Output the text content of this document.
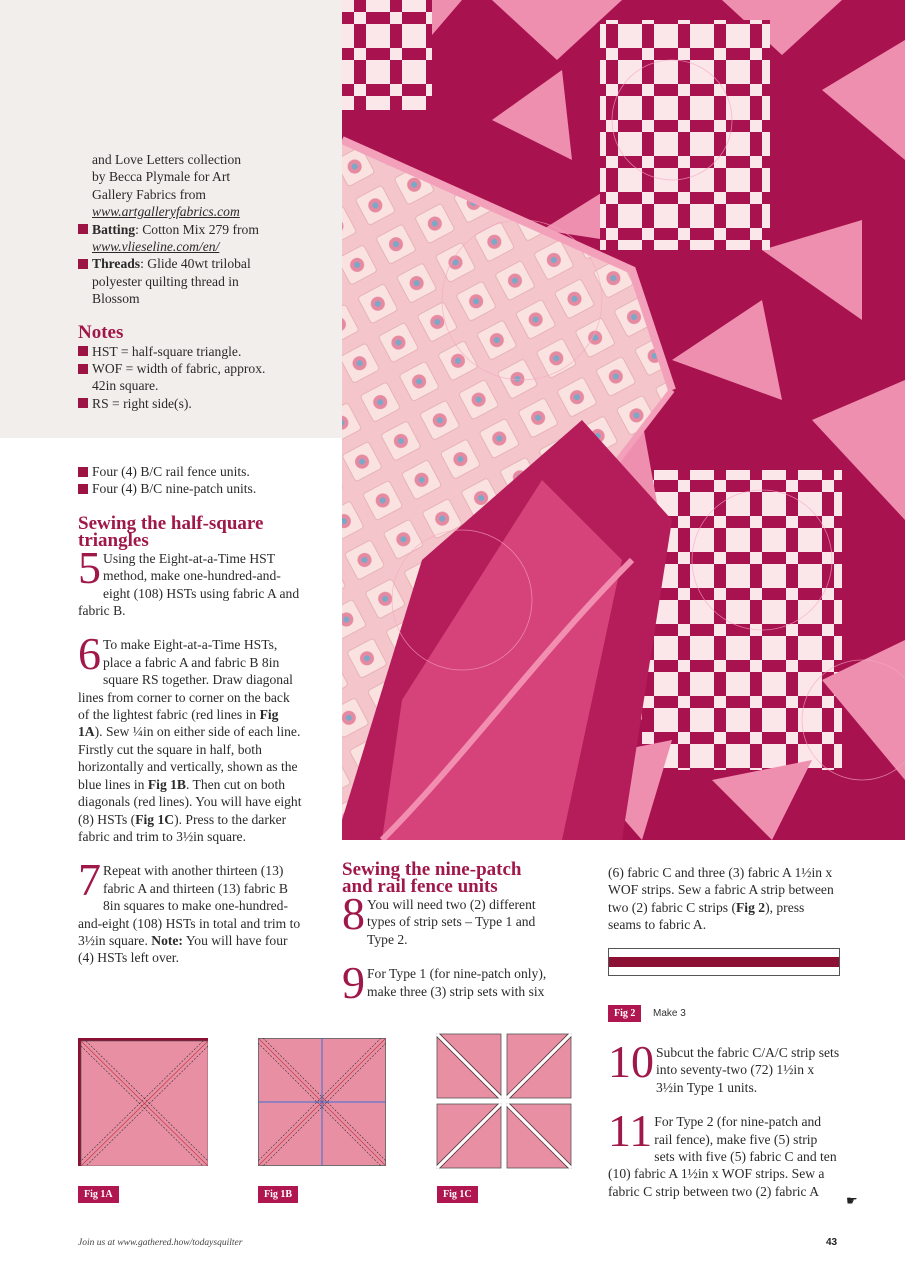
and Love Letters collection
by Becca Plymale for Art
Gallery Fabrics from
www.artgalleryfabrics.com
Batting: Cotton Mix 279 from
www.vlieseline.com/en/
Threads: Glide 40wt trilobal
polyester quilting thread in
Blossom
Notes
HST = half-square triangle.
WOF = width of fabric, approx.
42in square.
RS = right side(s).
Four (4) B/C rail fence units.
Four (4) B/C nine-patch units.
Sewing the half-square
triangles
5 Using the Eight-at-a-Time HST method, make one-hundred-and-eight (108) HSTs using fabric A and fabric B.
6 To make Eight-at-a-Time HSTs, place a fabric A and fabric B 8in square RS together. Draw diagonal lines from corner to corner on the back of the lightest fabric (red lines in Fig 1A). Sew ¼in on either side of each line. Firstly cut the square in half, both horizontally and vertically, shown as the blue lines in Fig 1B. Then cut on both diagonals (red lines). You will have eight (8) HSTs (Fig 1C). Press to the darker fabric and trim to 3½in square.
7 Repeat with another thirteen (13) fabric A and thirteen (13) fabric B 8in squares to make one-hundred-and-eight (108) HSTs in total and trim to 3½in square. Note: You will have four (4) HSTs left over.
Sewing the nine-patch
and rail fence units
8 You will need two (2) different types of strip sets – Type 1 and Type 2.
9 For Type 1 (for nine-patch only), make three (3) strip sets with six
(6) fabric C and three (3) fabric A 1½in x WOF strips. Sew a fabric A strip between two (2) fabric C strips (Fig 2), press seams to fabric A.
Fig 2	Make 3
10 Subcut the fabric C/A/C strip sets into seventy-two (72) 1½in x 3½in Type 1 units.
11 For Type 2 (for nine-patch and rail fence), make five (5) strip sets with five (5) fabric C and ten (10) fabric A 1½in x WOF strips. Sew a fabric C strip between two (2) fabric A
☛
Fig 1A	Fig 1B	Fig 1C
Join us at www.gathered.how/todaysquilter	43
